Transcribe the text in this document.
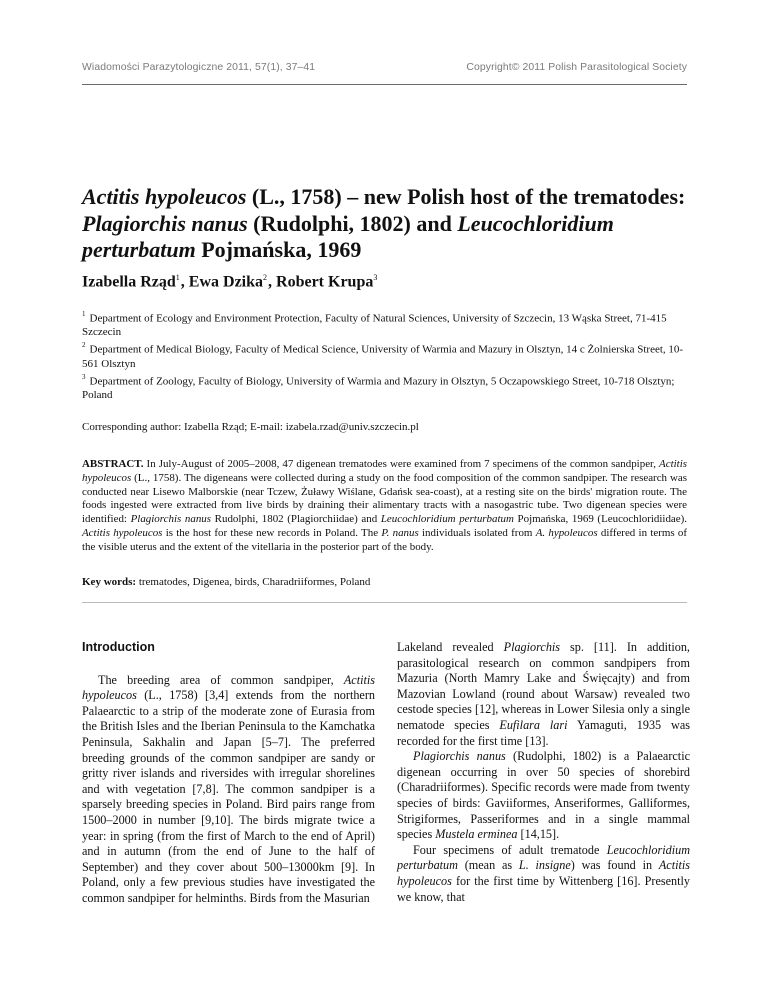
Wiadomości Parazytologiczne 2011, 57(1), 37–41	Copyright© 2011 Polish Parasitological Society
Actitis hypoleucos (L., 1758) – new Polish host of the trematodes: Plagiorchis nanus (Rudolphi, 1802) and Leucochloridium perturbatum Pojmańska, 1969
Izabella Rząd$^1$, Ewa Dzika$^2$, Robert Krupa$^3$

$^1$ Department of Ecology and Environment Protection, Faculty of Natural Sciences, University of Szczecin, 13 Wąska Street, 71-415 Szczecin

$^2$ Department of Medical Biology, Faculty of Medical Science, University of Warmia and Mazury in Olsztyn, 14 c Żolnierska Street, 10-561 Olsztyn

$^3$ Department of Zoology, Faculty of Biology, University of Warmia and Mazury in Olsztyn, 5 Oczapowskiego Street, 10-718 Olsztyn; Poland

Corresponding author: Izabella Rząd; E-mail: izabela.rzad@univ.szczecin.pl

ABSTRACT. In July-August of 2005–2008, 47 digenean trematodes were examined from 7 specimens of the common sandpiper, Actitis hypoleucos (L., 1758). The digeneans were collected during a study on the food composition of the common sandpiper. The research was conducted near Lisewo Malborskie (near Tczew, Żuławy Wiślane, Gdańsk sea-coast), at a resting site on the birds' migration route. The foods ingested were extracted from live birds by draining their alimentary tracts with a nasogastric tube. Two digenean species were identified: Plagiorchis nanus Rudolphi, 1802 (Plagiorchiidae) and Leucochloridium perturbatum Pojmańska, 1969 (Leucochloridiidae). Actitis hypoleucos is the host for these new records in Poland. The P. nanus individuals isolated from A. hypoleucos differed in terms of the visible uterus and the extent of the vitellaria in the posterior part of the body.

Key words: trematodes, Digenea, birds, Charadriiformes, Poland

Introduction

The breeding area of common sandpiper, Actitis hypoleucos (L., 1758) [3,4] extends from the northern Palaearctic to a strip of the moderate zone of Eurasia from the British Isles and the Iberian Peninsula to the Kamchatka Peninsula, Sakhalin and Japan [5–7]. The preferred breeding grounds of the common sandpiper are sandy or gritty river islands and riversides with irregular shorelines and with vegetation [7,8]. The common sandpiper is a sparsely breeding species in Poland. Bird pairs range from 1500–2000 in number [9,10]. The birds migrate twice a year: in spring (from the first of March to the end of April) and in autumn (from the end of June to the half of September) and they cover about 500–13000km [9]. In Poland, only a few previous studies have investigated the common sandpiper for helminths. Birds from the Masurian

Lakeland revealed Plagiorchis sp. [11]. In addition, parasitological research on common sandpipers from Mazuria (North Mamry Lake and Święcajty) and from Mazovian Lowland (round about Warsaw) revealed two cestode species [12], whereas in Lower Silesia only a single nematode species Eufilara lari Yamaguti, 1935 was recorded for the first time [13].

Plagiorchis nanus (Rudolphi, 1802) is a Palaearctic digenean occurring in over 50 species of shorebird (Charadriiformes). Specific records were made from twenty species of birds: Gaviiformes, Anseriformes, Galliformes, Strigiformes, Passeriformes and in a single mammal species Mustela erminea [14,15].

Four specimens of adult trematode Leucochloridium perturbatum (mean as L. insigne) was found in Actitis hypoleucos for the first time by Wittenberg [16]. Presently we know, that
